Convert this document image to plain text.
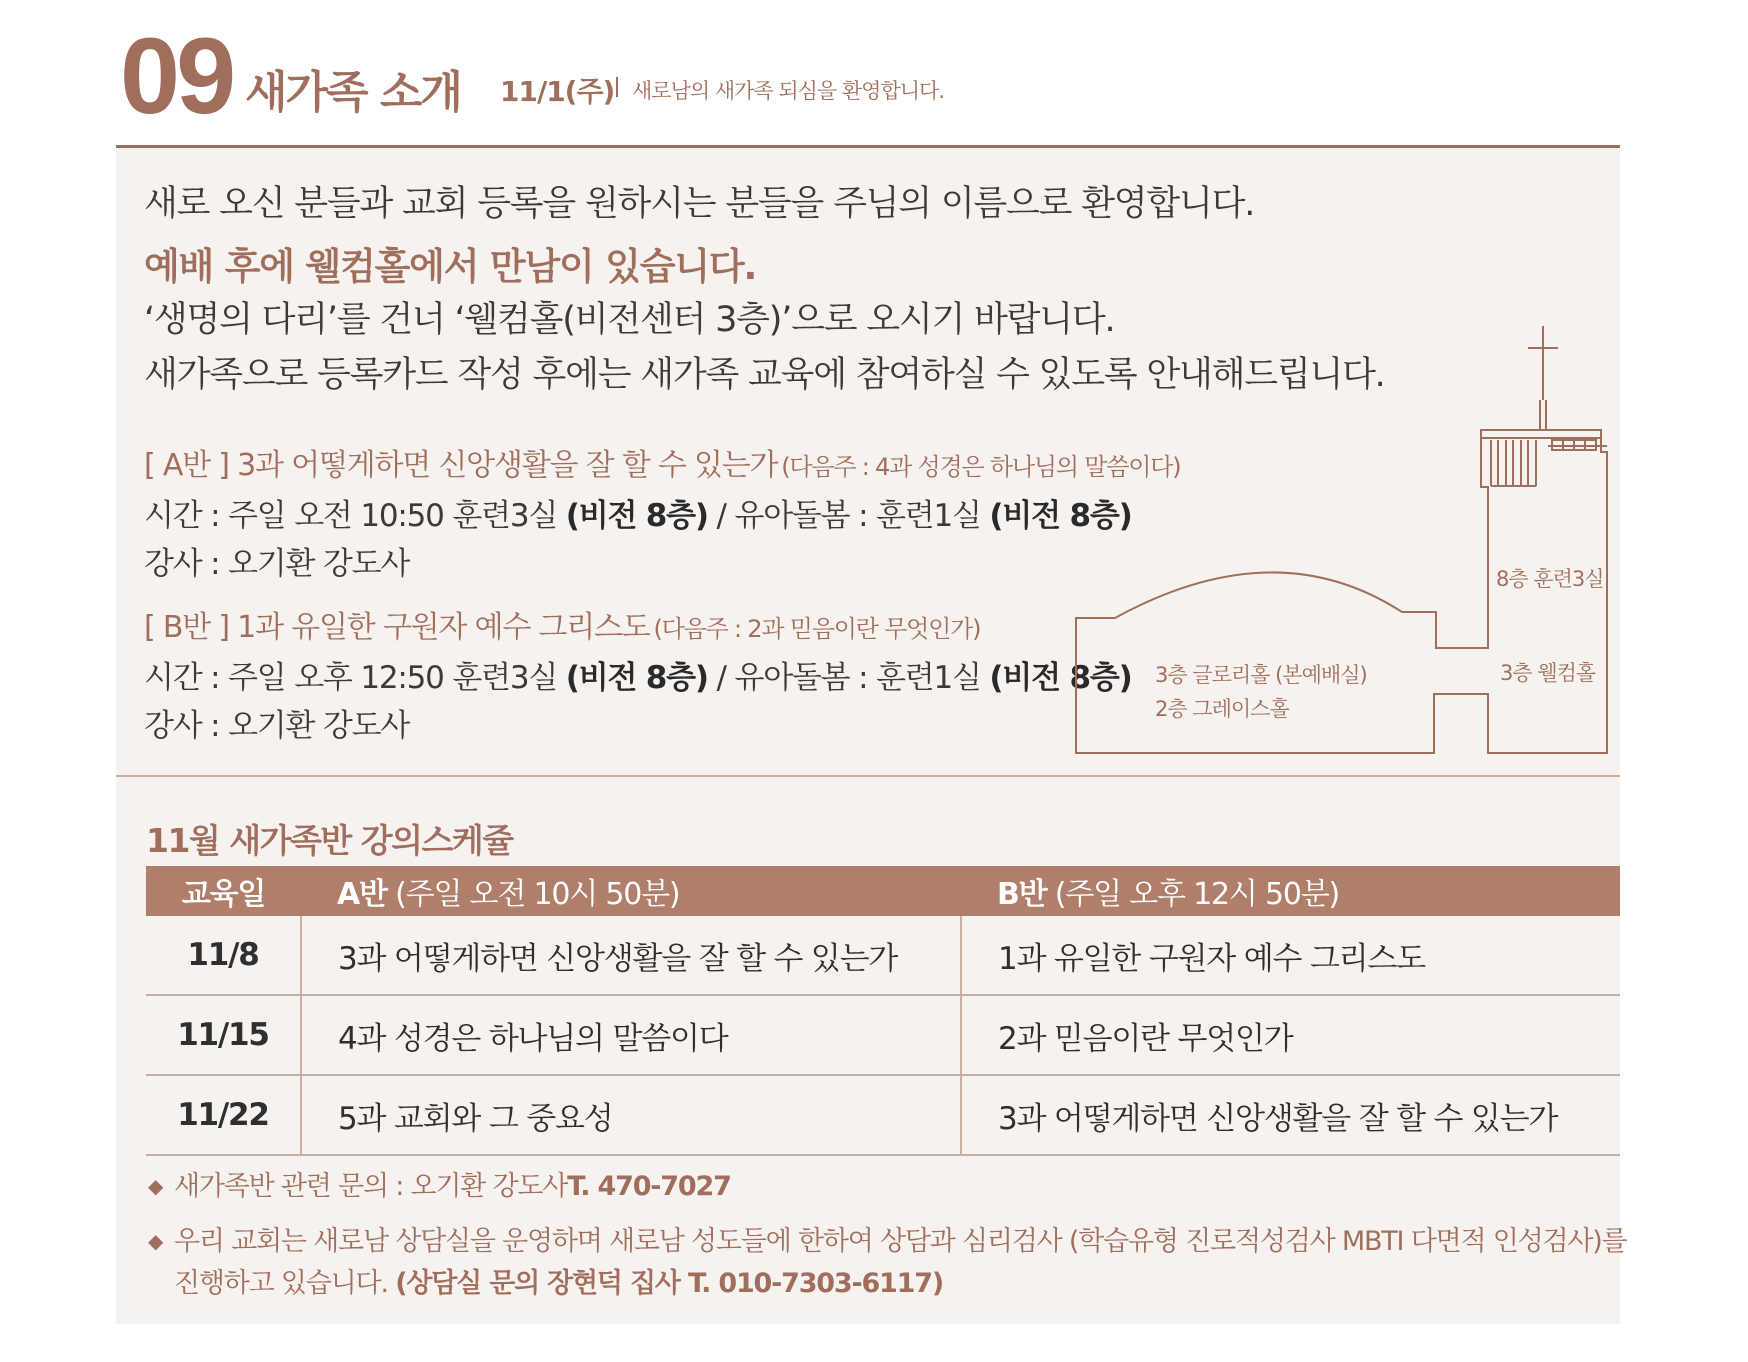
09 새가족 소개 11/1(주) 새로남의 새가족 되심을 환영합니다.
새로 오신 분들과 교회 등록을 원하시는 분들을 주님의 이름으로 환영합니다.
예배 후에 웰컴홀에서 만남이 있습니다.
‘생명의 다리’를 건너 ‘웰컴홀(비전센터 3층)’으로 오시기 바랍니다.
새가족으로 등록카드 작성 후에는 새가족 교육에 참여하실 수 있도록 안내해드립니다.
[ A반 ] 3과 어떻게하면 신앙생활을 잘 할 수 있는가 (다음주 : 4과 성경은 하나님의 말씀이다)
시간 : 주일 오전 10:50 훈련3실 (비전 8층) / 유아돌봄 : 훈련1실 (비전 8층)
강사 : 오기환 강도사
[ B반 ] 1과 유일한 구원자 예수 그리스도 (다음주 : 2과 믿음이란 무엇인가)
시간 : 주일 오후 12:50 훈련3실 (비전 8층) / 유아돌봄 : 훈련1실 (비전 8층)
강사 : 오기환 강도사
8층 훈련3실
3층 웰컴홀
3층 글로리홀 (본예배실)
2층 그레이스홀
11월 새가족반 강의스케쥴
교육일	A반 (주일 오전 10시 50분)	B반 (주일 오후 12시 50분)
11/8	3과 어떻게하면 신앙생활을 잘 할 수 있는가	1과 유일한 구원자 예수 그리스도
11/15	4과 성경은 하나님의 말씀이다	2과 믿음이란 무엇인가
11/22	5과 교회와 그 중요성	3과 어떻게하면 신앙생활을 잘 할 수 있는가
◆ 새가족반 관련 문의 : 오기환 강도사T. 470-7027
◆ 우리 교회는 새로남 상담실을 운영하며 새로남 성도들에 한하여 상담과 심리검사 (학습유형 진로적성검사 MBTI 다면적 인성검사)를
진행하고 있습니다. (상담실 문의 장현덕 집사 T. 010-7303-6117)
